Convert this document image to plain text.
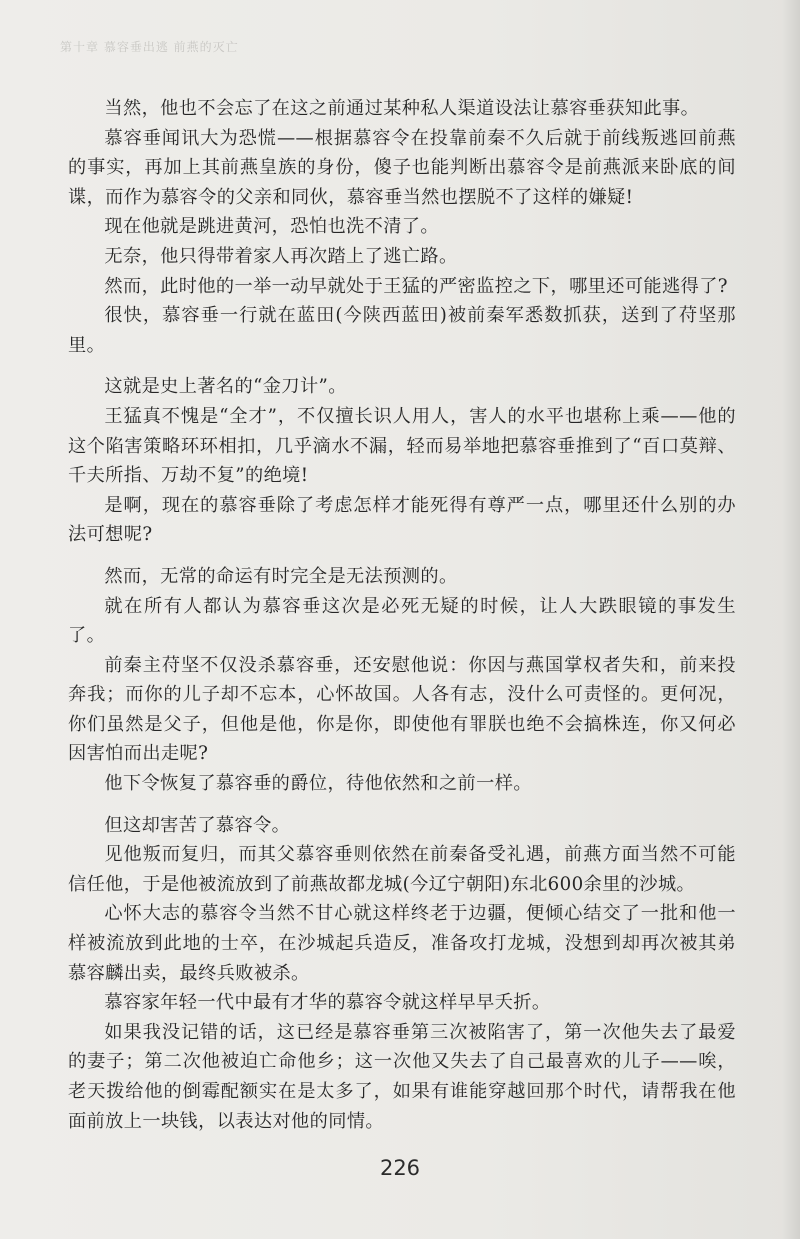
第十章 慕容垂出逃 前燕的灭亡

当然，他也不会忘了在这之前通过某种私人渠道设法让慕容垂获知此事。

慕容垂闻讯大为恐慌——根据慕容令在投靠前秦不久后就于前线叛逃回前燕的事实，再加上其前燕皇族的身份，傻子也能判断出慕容令是前燕派来卧底的间谍，而作为慕容令的父亲和同伙，慕容垂当然也摆脱不了这样的嫌疑!

现在他就是跳进黄河，恐怕也洗不清了。

无奈，他只得带着家人再次踏上了逃亡路。

然而，此时他的一举一动早就处于王猛的严密监控之下，哪里还可能逃得了?

很快，慕容垂一行就在蓝田(今陕西蓝田)被前秦军悉数抓获，送到了苻坚那里。

这就是史上著名的“金刀计”。

王猛真不愧是“全才”，不仅擅长识人用人，害人的水平也堪称上乘——他的这个陷害策略环环相扣，几乎滴水不漏，轻而易举地把慕容垂推到了“百口莫辩、千夫所指、万劫不复”的绝境!

是啊，现在的慕容垂除了考虑怎样才能死得有尊严一点，哪里还什么别的办法可想呢?

然而，无常的命运有时完全是无法预测的。

就在所有人都认为慕容垂这次是必死无疑的时候，让人大跌眼镜的事发生了。

前秦主苻坚不仅没杀慕容垂，还安慰他说：你因与燕国掌权者失和，前来投奔我；而你的儿子却不忘本，心怀故国。人各有志，没什么可责怪的。更何况，你们虽然是父子，但他是他，你是你，即使他有罪朕也绝不会搞株连，你又何必因害怕而出走呢?

他下令恢复了慕容垂的爵位，待他依然和之前一样。

但这却害苦了慕容令。

见他叛而复归，而其父慕容垂则依然在前秦备受礼遇，前燕方面当然不可能信任他，于是他被流放到了前燕故都龙城(今辽宁朝阳)东北600余里的沙城。

心怀大志的慕容令当然不甘心就这样终老于边疆，便倾心结交了一批和他一样被流放到此地的士卒，在沙城起兵造反，准备攻打龙城，没想到却再次被其弟慕容麟出卖，最终兵败被杀。

慕容家年轻一代中最有才华的慕容令就这样早早夭折。

如果我没记错的话，这已经是慕容垂第三次被陷害了，第一次他失去了最爱的妻子；第二次他被迫亡命他乡；这一次他又失去了自己最喜欢的儿子——唉，老天拨给他的倒霉配额实在是太多了，如果有谁能穿越回那个时代，请帮我在他面前放上一块钱，以表达对他的同情。

226
